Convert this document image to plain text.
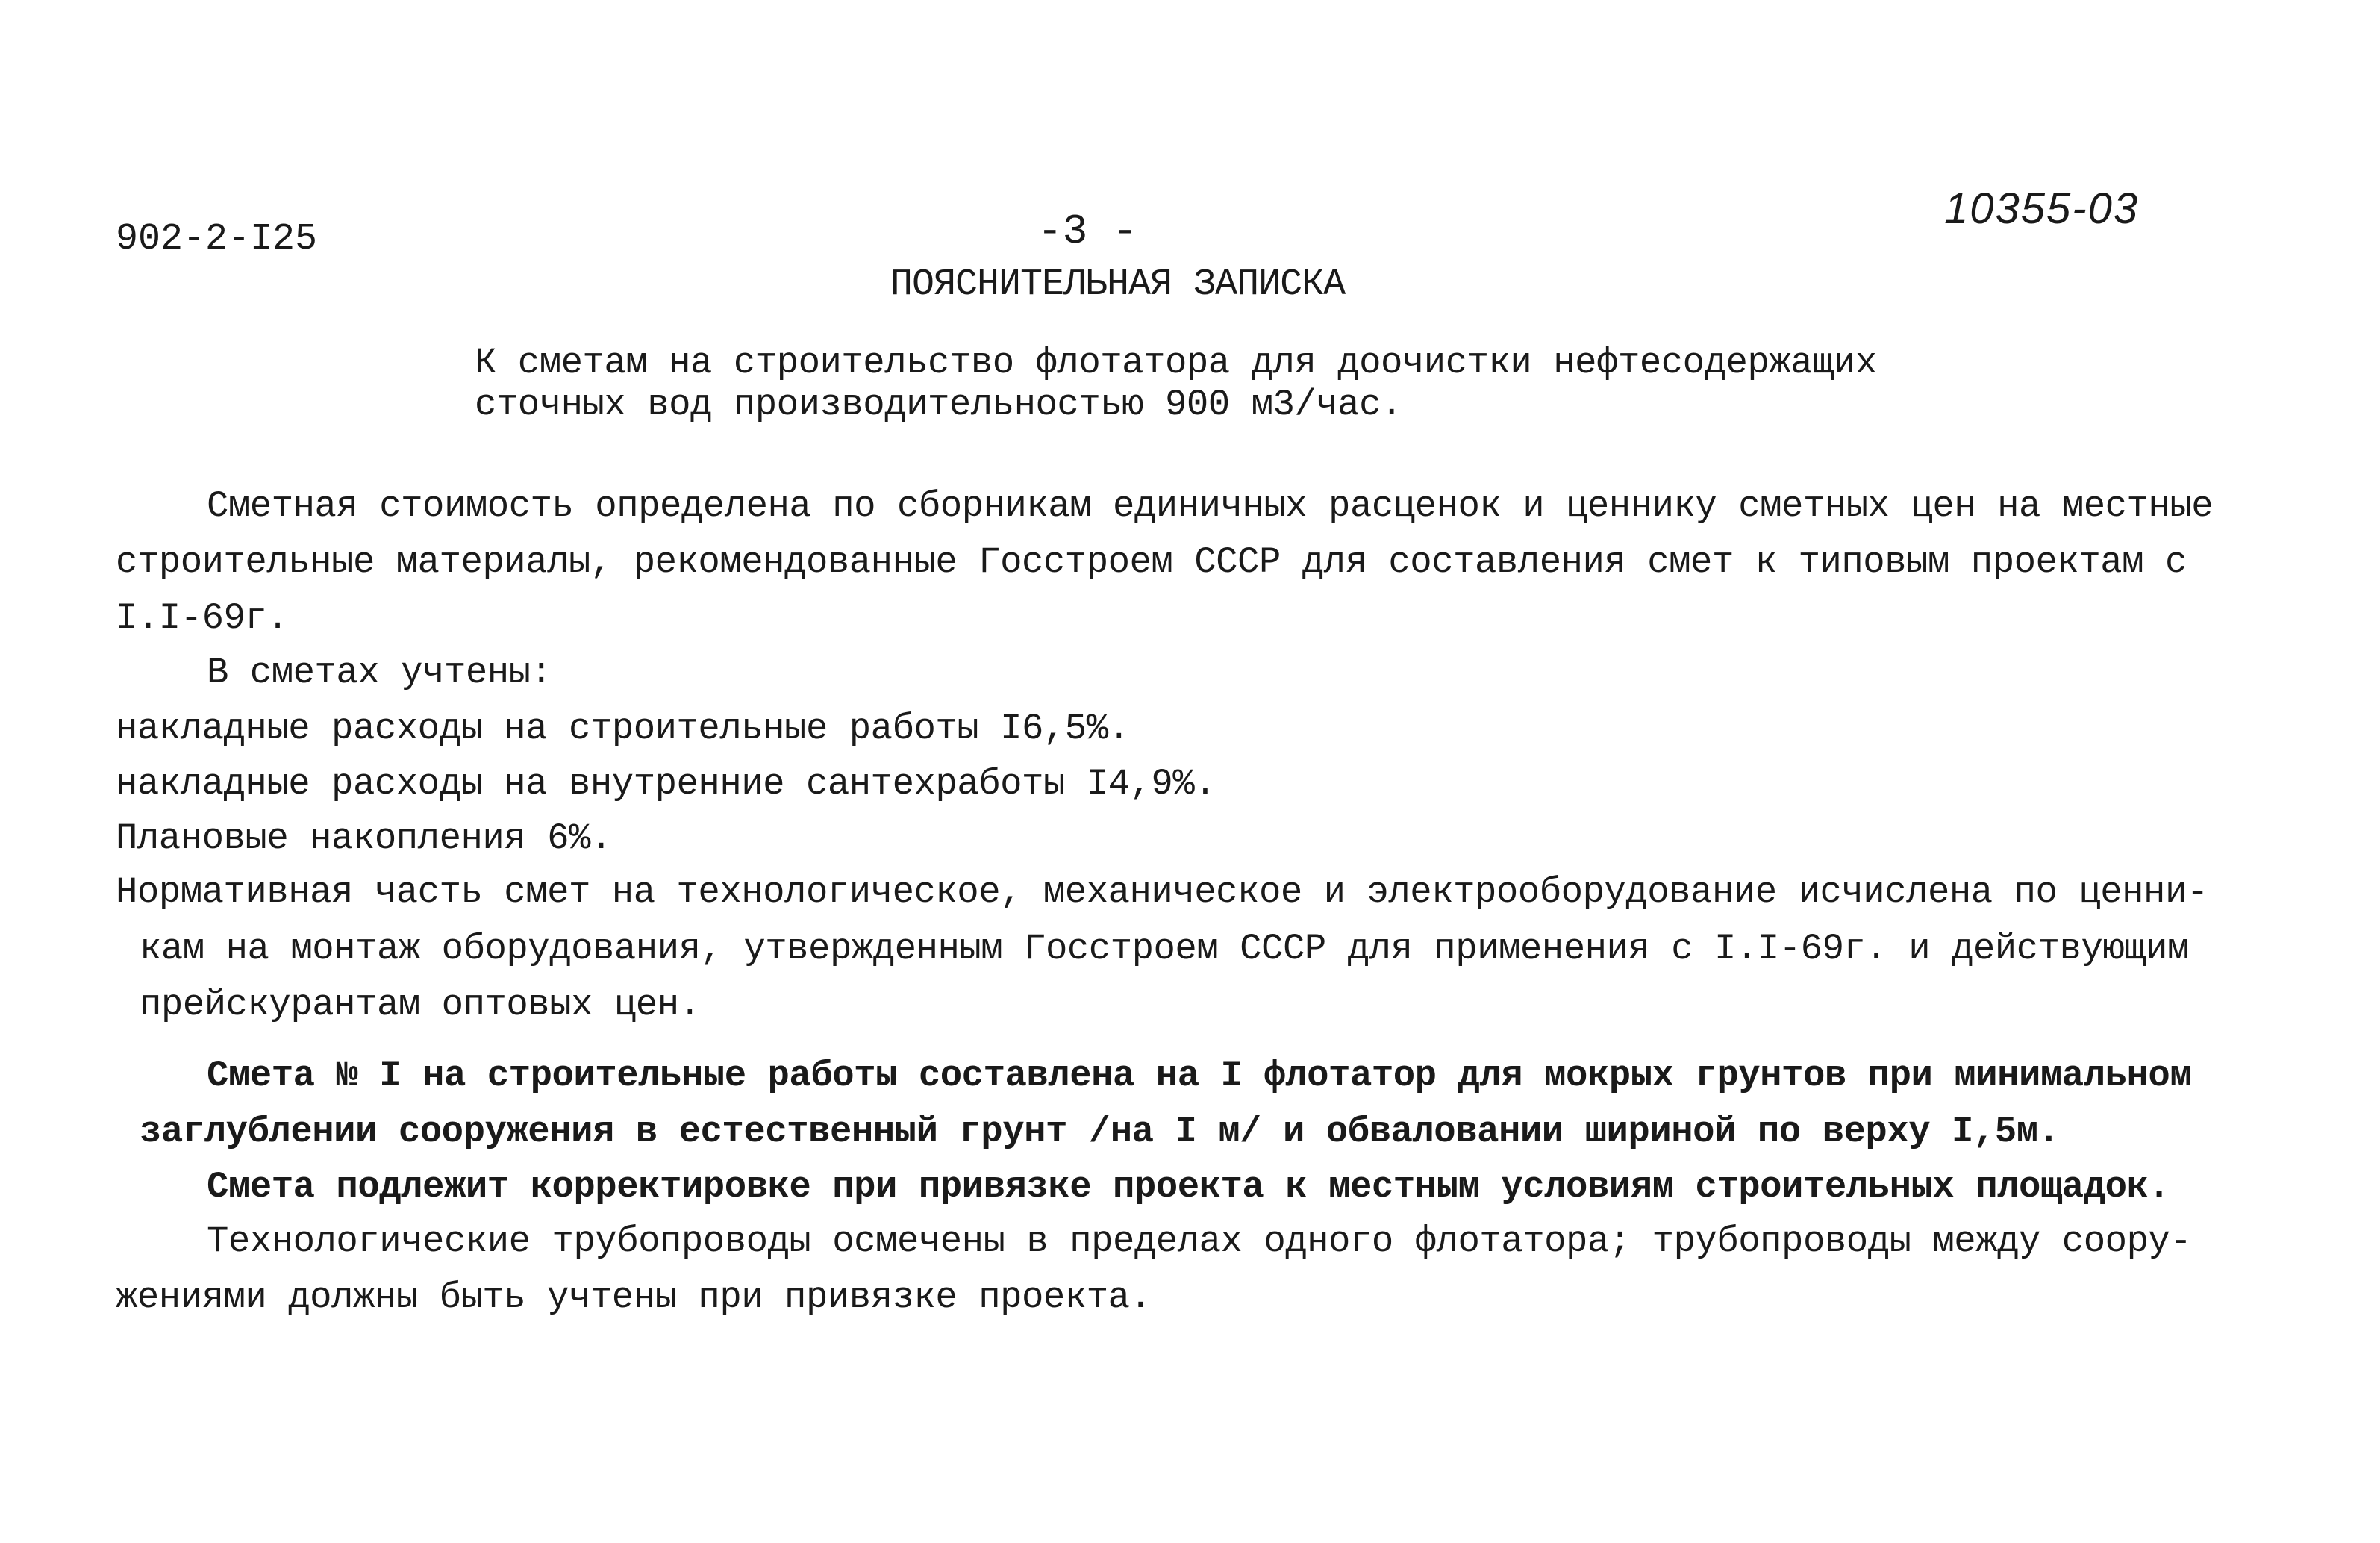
902-2-I25	-3 -	10355-03
ПОЯСНИТЕЛЬНАЯ ЗАПИСКА
К сметам на строительство флотатора для доочистки нефтесодержащих
сточных вод производительностью 900 м3/час.
Сметная стоимость определена по сборникам единичных расценок и ценнику сметных цен на местные
строительные материалы, рекомендованные Госстроем СССР для составления смет к типовым проектам с
I.I-69г.
В сметах учтены:
накладные расходы на строительные работы I6,5%.
накладные расходы на внутренние сантехработы I4,9%.
Плановые накопления 6%.
Нормативная часть смет на технологическое, механическое и электрооборудование исчислена по ценни-
кам на монтаж оборудования, утвержденным Госстроем СССР для применения с I.I-69г. и действующим
прейскурантам оптовых цен.
Смета № I на строительные работы составлена на I флотатор для мокрых грунтов при минимальном
заглублении сооружения в естественный грунт /на I м/ и обваловании шириной по верху I,5м.
Смета подлежит корректировке при привязке проекта к местным условиям строительных площадок.
Технологические трубопроводы осмечены в пределах одного флотатора; трубопроводы между соору-
жениями должны быть учтены при привязке проекта.
